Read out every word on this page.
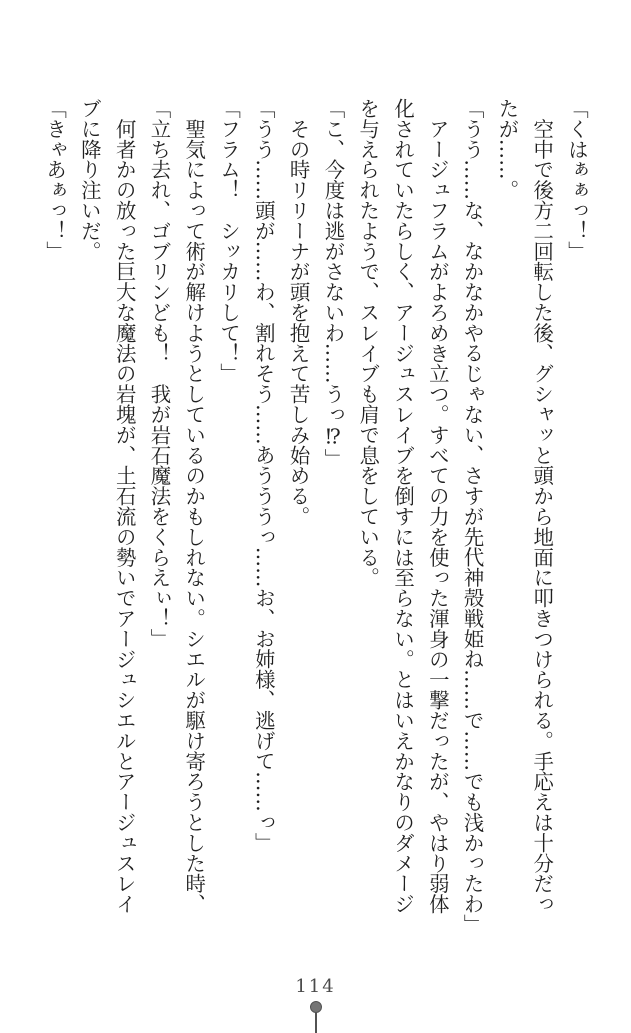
「くはぁぁっ！」

　空中で後方二回転した後、グシャッと頭から地面に叩きつけられる。手応えは十分だっ

たが……。

「うう……な、なかなかやるじゃない、さすが先代神殻戦姫ね……で……でも浅かったわ」

　アージュフラムがよろめき立つ。すべての力を使った渾身の一撃だったが、やはり弱体

化されていたらしく、アージュスレイブを倒すには至らない。とはいえかなりのダメージ

を与えられたようで、スレイブも肩で息をしている。

「こ、今度は逃がさないわ……うっ⁉」

　その時リリーナが頭を抱えて苦しみ始める。

「うう……頭が……わ、割れそう……あうううっ……お、お姉様、逃げて……っ」

「フラム！　シッカリして！」

　聖気によって術が解けようとしているのかもしれない。シエルが駆け寄ろうとした時、

「立ち去れ、ゴブリンども！　我が岩石魔法をくらえぃ！」

　何者かの放った巨大な魔法の岩塊が、土石流の勢いでアージュシエルとアージュスレイ

ブに降り注いだ。

「きゃあぁっ！」

114
